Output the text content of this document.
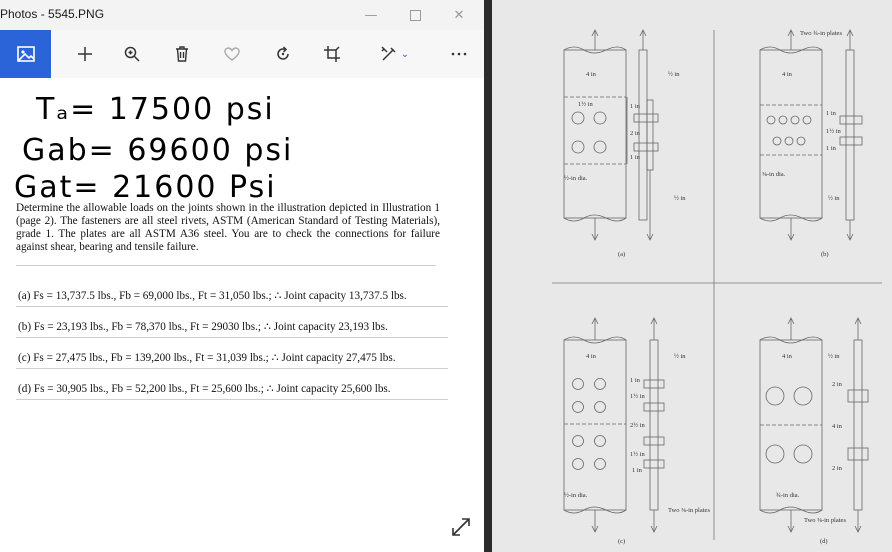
Photos - 5545.PNG	—	✕
⌄
Tₐ= 17500 psi
Gab= 69600 psi
Gat= 21600 Psi
Determine the allowable loads on the joints shown in the illustration depicted in Illustration 1 (page 2). The fasteners are all steel rivets, ASTM (American Standard of Testing Materials), grade 1. The plates are all ASTM A36 steel. You are to check the connections for failure against shear, bearing and tensile failure.
(a) Fs = 13,737.5 lbs., Fb = 69,000 lbs., Ft = 31,050 lbs.; ∴ Joint capacity 13,737.5 lbs.
(b) Fs = 23,193 lbs., Fb = 78,370 lbs., Ft = 29030 lbs.; ∴ Joint capacity 23,193 lbs.
(c) Fs = 27,475 lbs., Fb = 139,200 lbs., Ft = 31,039 lbs.; ∴ Joint capacity 27,475 lbs.
(d) Fs = 30,905 lbs., Fb = 52,200 lbs., Ft = 25,600 lbs.; ∴ Joint capacity 25,600 lbs.
1½ in	1 in
2 in
1 in
4 in	½ in
½-in dia.
½ in
(a)
Two ¾-in plates
4 in
1 in
1½ in
1 in
⅜-in dia.
½ in
(b)
4 in	½ in
1 in
1½ in
2½ in
1½ in
1 in
½-in dia.
Two ⅜-in plates
(c)
4 in	½ in
2 in
4 in
2 in
¾-in dia.
Two ⅜-in plates
(d)
